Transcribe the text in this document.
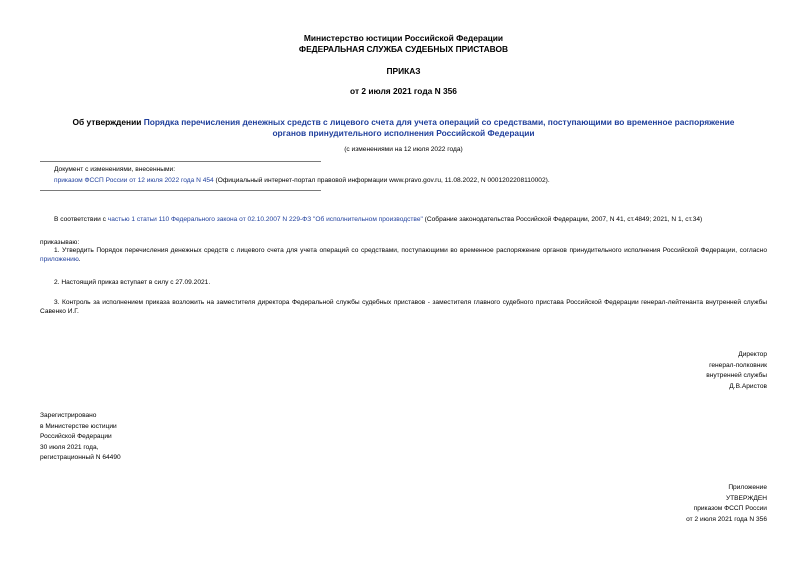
Министерство юстиции Российской Федерации

ФЕДЕРАЛЬНАЯ СЛУЖБА СУДЕБНЫХ ПРИСТАВОВ

ПРИКАЗ
от 2 июля 2021 года N 356

Об утверждении Порядка перечисления денежных средств с лицевого счета для учета операций со средствами, поступающими во временное распоряжение

органов принудительного исполнения Российской Федерации

(с изменениями на 12 июля 2022 года)
Документ с изменениями, внесенными:
приказом ФССП России от 12 июля 2022 года N 454 (Официальный интернет-портал правовой информации www.pravo.gov.ru, 11.08.2022, N 0001202208110002).
В соответствии с частью 1 статьи 110 Федерального закона от 02.10.2007 N 229-ФЗ "Об исполнительном производстве" (Собрание законодательства Российской Федерации, 2007, N 41, ст.4849; 2021, N 1, ст.34)
приказываю:
1. Утвердить Порядок перечисления денежных средств с лицевого счета для учета операций со средствами, поступающими во временное распоряжение органов принудительного исполнения Российской Федерации, согласно приложению.
2. Настоящий приказ вступает в силу с 27.09.2021.
3. Контроль за исполнением приказа возложить на заместителя директора Федеральной службы судебных приставов - заместителя главного судебного пристава Российской Федерации генерал-лейтенанта внутренней службы Савенко И.Г.

Директор

генерал-полковник

внутренней службы

Д.В.Аристов

Зарегистрировано

в Министерстве юстиции

Российской Федерации

30 июля 2021 года,

регистрационный N 64490

Приложение

УТВЕРЖДЕН

приказом ФССП России

от 2 июля 2021 года N 356
